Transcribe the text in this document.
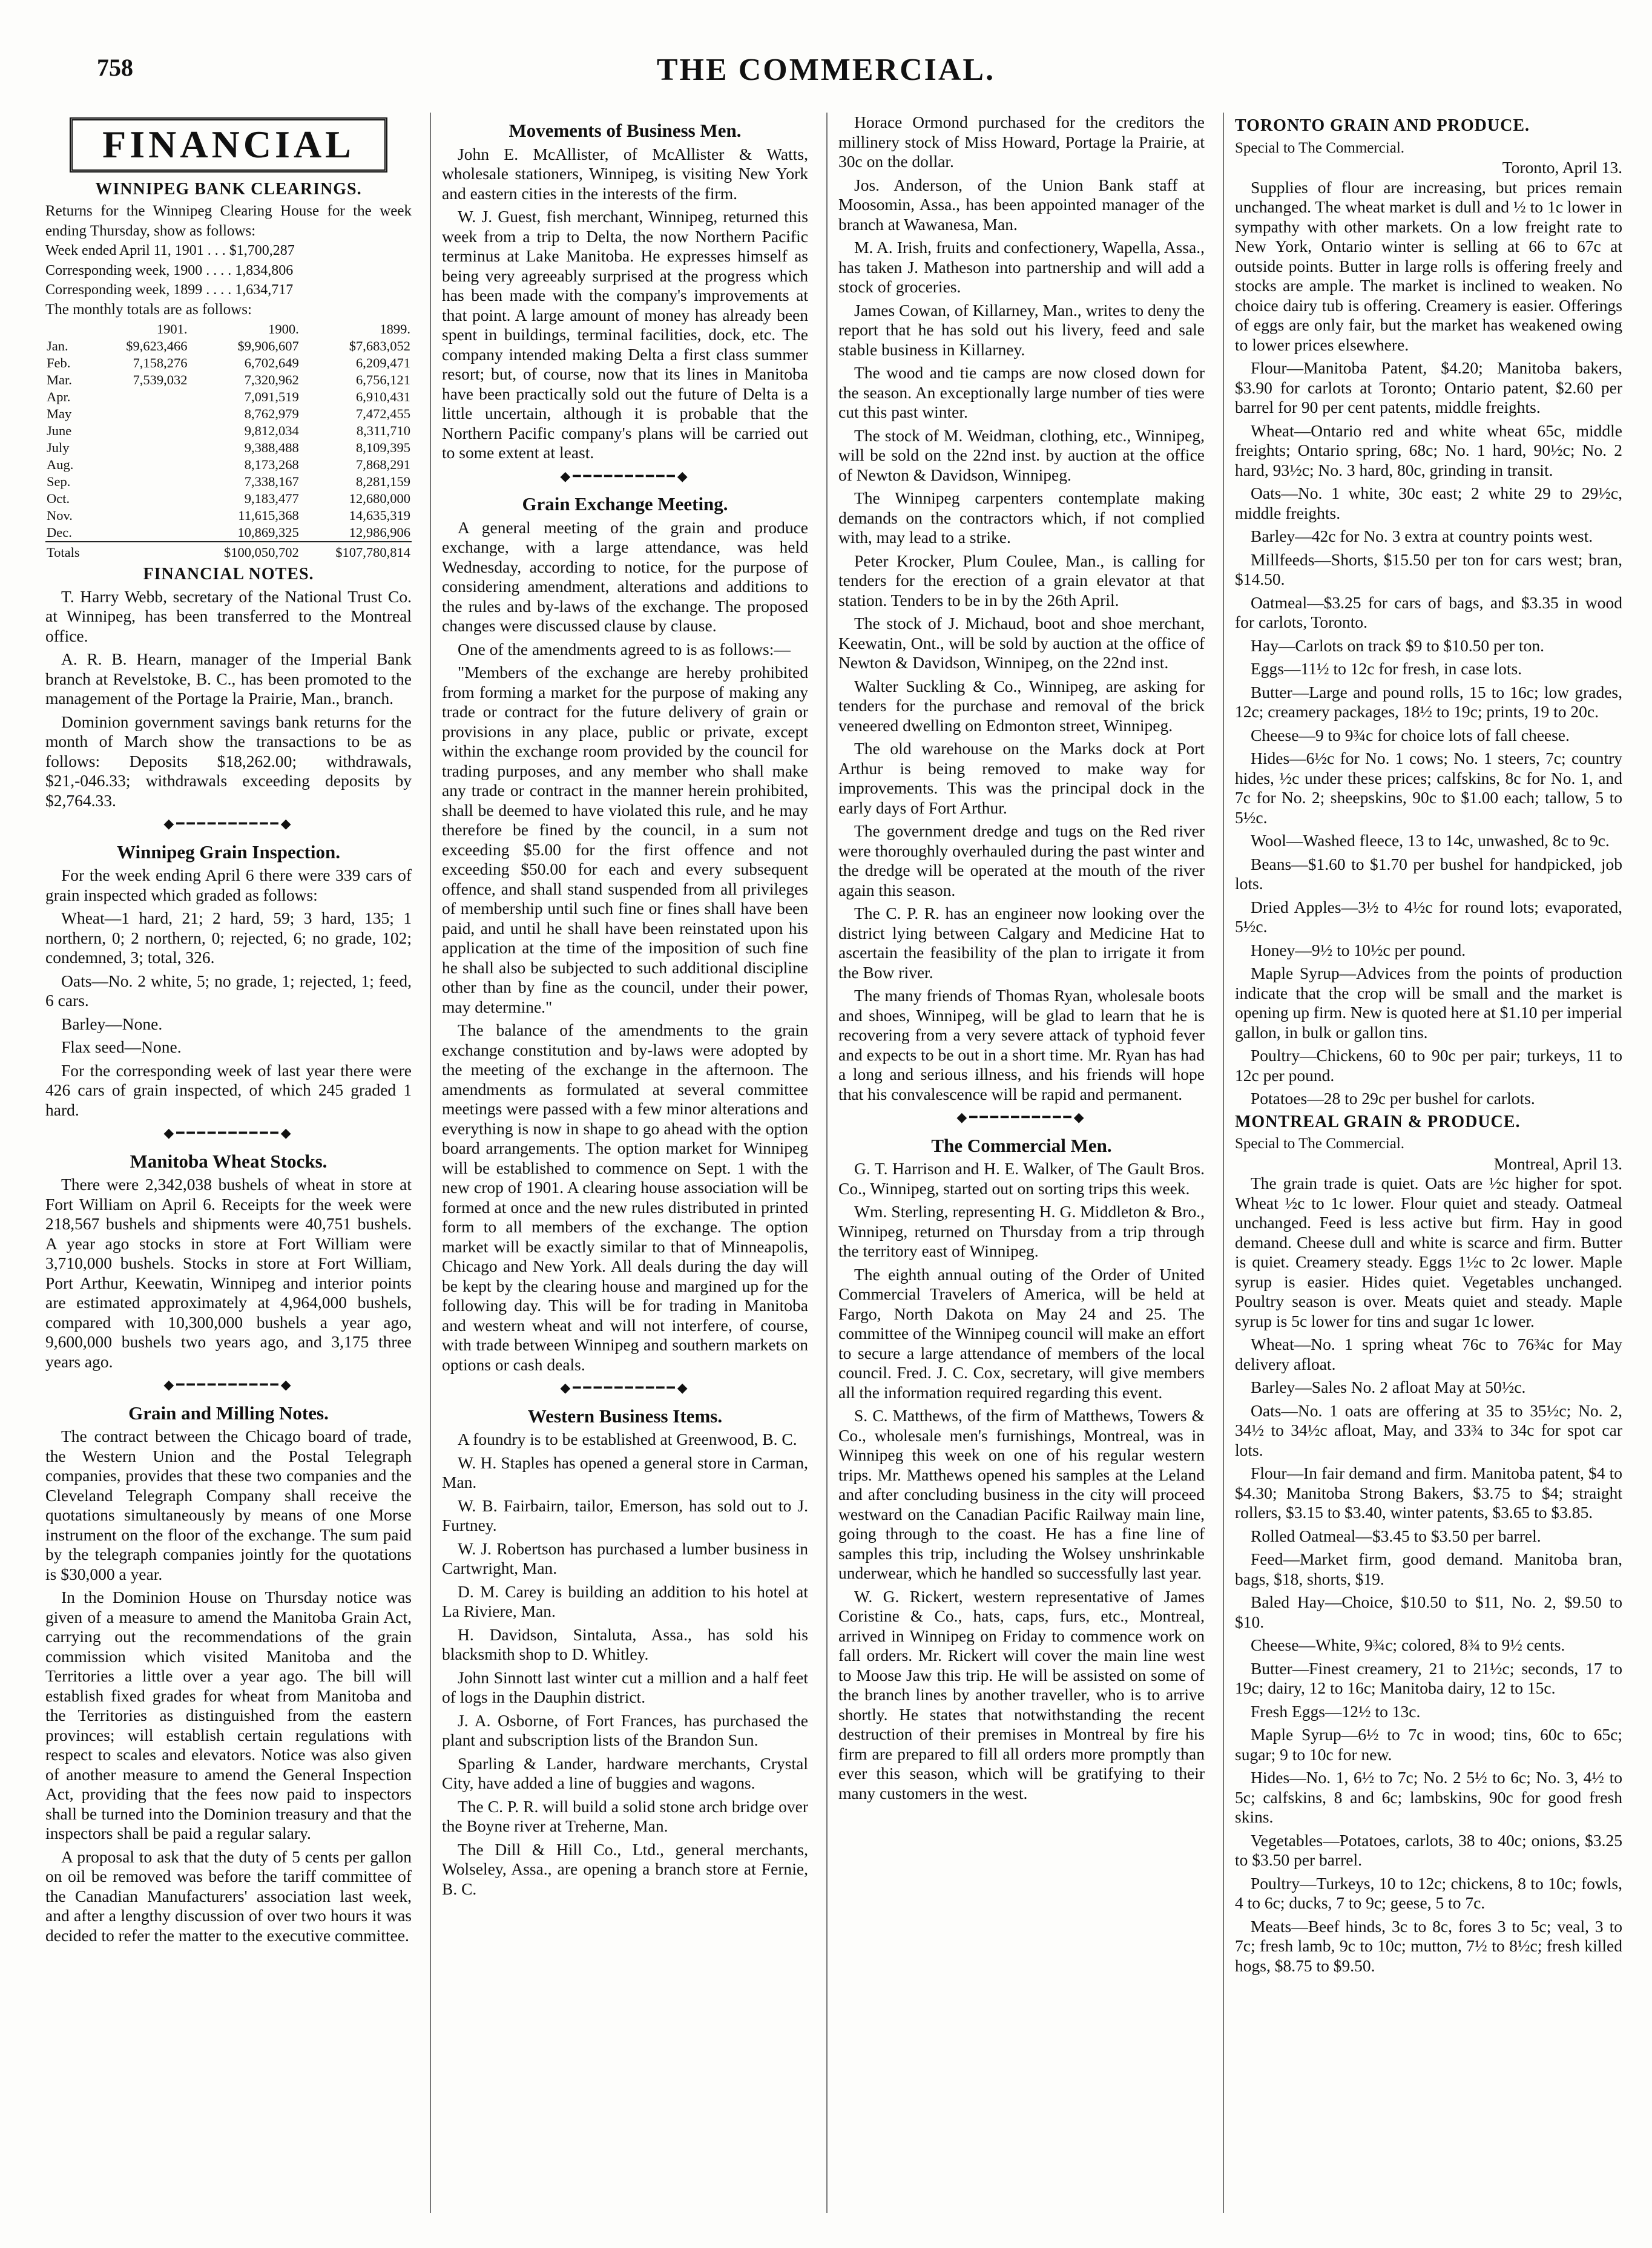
758	THE COMMERCIAL.
FINANCIAL
WINNIPEG BANK CLEARINGS.

Returns for the Winnipeg Clearing House for the week ending Thursday, show as follows:

Week ended April 11, 1901 . . . $1,700,287

Corresponding week, 1900 . . . . 1,834,806

Corresponding week, 1899 . . . . 1,634,717

The monthly totals are as follows:

	1901.	1900.	1899.
Jan.	$9,623,466	$9,906,607	$7,683,052
Feb.	7,158,276	6,702,649	6,209,471
Mar.	7,539,032	7,320,962	6,756,121
Apr.		7,091,519	6,910,431
May		8,762,979	7,472,455
June		9,812,034	8,311,710
July		9,388,488	8,109,395
Aug.		8,173,268	7,868,291
Sep.		7,338,167	8,281,159
Oct.		9,183,477	12,680,000
Nov.		11,615,368	14,635,319
Dec.		10,869,325	12,986,906
Totals		$100,050,702	$107,780,814
FINANCIAL NOTES.

T. Harry Webb, secretary of the National Trust Co. at Winnipeg, has been transferred to the Montreal office.

A. R. B. Hearn, manager of the Imperial Bank branch at Revelstoke, B. C., has been promoted to the management of the Portage la Prairie, Man., branch.

Dominion government savings bank returns for the month of March show the transactions to be as follows: Deposits $18,262.00; withdrawals, $21,-046.33; withdrawals exceeding deposits by $2,764.33.

◆━━━━━━━━━━◆
Winnipeg Grain Inspection.

For the week ending April 6 there were 339 cars of grain inspected which graded as follows:

Wheat—1 hard, 21; 2 hard, 59; 3 hard, 135; 1 northern, 0; 2 northern, 0; rejected, 6; no grade, 102; condemned, 3; total, 326.

Oats—No. 2 white, 5; no grade, 1; rejected, 1; feed, 6 cars.

Barley—None.

Flax seed—None.

For the corresponding week of last year there were 426 cars of grain inspected, of which 245 graded 1 hard.

◆━━━━━━━━━━◆
Manitoba Wheat Stocks.

There were 2,342,038 bushels of wheat in store at Fort William on April 6. Receipts for the week were 218,567 bushels and shipments were 40,751 bushels. A year ago stocks in store at Fort William were 3,710,000 bushels. Stocks in store at Fort William, Port Arthur, Keewatin, Winnipeg and interior points are estimated approximately at 4,964,000 bushels, compared with 10,300,000 bushels a year ago, 9,600,000 bushels two years ago, and 3,175 three years ago.

◆━━━━━━━━━━◆
Grain and Milling Notes.

The contract between the Chicago board of trade, the Western Union and the Postal Telegraph companies, provides that these two companies and the Cleveland Telegraph Company shall receive the quotations simultaneously by means of one Morse instrument on the floor of the exchange. The sum paid by the telegraph companies jointly for the quotations is $30,000 a year.

In the Dominion House on Thursday notice was given of a measure to amend the Manitoba Grain Act, carrying out the recommendations of the grain commission which visited Manitoba and the Territories a little over a year ago. The bill will establish fixed grades for wheat from Manitoba and the Territories as distinguished from the eastern provinces; will establish certain regulations with respect to scales and elevators. Notice was also given of another measure to amend the General Inspection Act, providing that the fees now paid to inspectors shall be turned into the Dominion treasury and that the inspectors shall be paid a regular salary.

A proposal to ask that the duty of 5 cents per gallon on oil be removed was before the tariff committee of the Canadian Manufacturers' association last week, and after a lengthy discussion of over two hours it was decided to refer the matter to the executive committee.

Movements of Business Men.

John E. McAllister, of McAllister & Watts, wholesale stationers, Winnipeg, is visiting New York and eastern cities in the interests of the firm.

W. J. Guest, fish merchant, Winnipeg, returned this week from a trip to Delta, the now Northern Pacific terminus at Lake Manitoba. He expresses himself as being very agreeably surprised at the progress which has been made with the company's improvements at that point. A large amount of money has already been spent in buildings, terminal facilities, dock, etc. The company intended making Delta a first class summer resort; but, of course, now that its lines in Manitoba have been practically sold out the future of Delta is a little uncertain, although it is probable that the Northern Pacific company's plans will be carried out to some extent at least.

◆━━━━━━━━━━◆
Grain Exchange Meeting.

A general meeting of the grain and produce exchange, with a large attendance, was held Wednesday, according to notice, for the purpose of considering amendment, alterations and additions to the rules and by-laws of the exchange. The proposed changes were discussed clause by clause.

One of the amendments agreed to is as follows:—

"Members of the exchange are hereby prohibited from forming a market for the purpose of making any trade or contract for the future delivery of grain or provisions in any place, public or private, except within the exchange room provided by the council for trading purposes, and any member who shall make any trade or contract in the manner herein prohibited, shall be deemed to have violated this rule, and he may therefore be fined by the council, in a sum not exceeding $5.00 for the first offence and not exceeding $50.00 for each and every subsequent offence, and shall stand suspended from all privileges of membership until such fine or fines shall have been paid, and until he shall have been reinstated upon his application at the time of the imposition of such fine he shall also be subjected to such additional discipline other than by fine as the council, under their power, may determine."

The balance of the amendments to the grain exchange constitution and by-laws were adopted by the meeting of the exchange in the afternoon. The amendments as formulated at several committee meetings were passed with a few minor alterations and everything is now in shape to go ahead with the option board arrangements. The option market for Winnipeg will be established to commence on Sept. 1 with the new crop of 1901. A clearing house association will be formed at once and the new rules distributed in printed form to all members of the exchange. The option market will be exactly similar to that of Minneapolis, Chicago and New York. All deals during the day will be kept by the clearing house and margined up for the following day. This will be for trading in Manitoba and western wheat and will not interfere, of course, with trade between Winnipeg and southern markets on options or cash deals.

◆━━━━━━━━━━◆
Western Business Items.

A foundry is to be established at Greenwood, B. C.

W. H. Staples has opened a general store in Carman, Man.

W. B. Fairbairn, tailor, Emerson, has sold out to J. Furtney.

W. J. Robertson has purchased a lumber business in Cartwright, Man.

D. M. Carey is building an addition to his hotel at La Riviere, Man.

H. Davidson, Sintaluta, Assa., has sold his blacksmith shop to D. Whitley.

John Sinnott last winter cut a million and a half feet of logs in the Dauphin district.

J. A. Osborne, of Fort Frances, has purchased the plant and subscription lists of the Brandon Sun.

Sparling & Lander, hardware merchants, Crystal City, have added a line of buggies and wagons.

The C. P. R. will build a solid stone arch bridge over the Boyne river at Treherne, Man.

The Dill & Hill Co., Ltd., general merchants, Wolseley, Assa., are opening a branch store at Fernie, B. C.

Horace Ormond purchased for the creditors the millinery stock of Miss Howard, Portage la Prairie, at 30c on the dollar.

Jos. Anderson, of the Union Bank staff at Moosomin, Assa., has been appointed manager of the branch at Wawanesa, Man.

M. A. Irish, fruits and confectionery, Wapella, Assa., has taken J. Matheson into partnership and will add a stock of groceries.

James Cowan, of Killarney, Man., writes to deny the report that he has sold out his livery, feed and sale stable business in Killarney.

The wood and tie camps are now closed down for the season. An exceptionally large number of ties were cut this past winter.

The stock of M. Weidman, clothing, etc., Winnipeg, will be sold on the 22nd inst. by auction at the office of Newton & Davidson, Winnipeg.

The Winnipeg carpenters contemplate making demands on the contractors which, if not complied with, may lead to a strike.

Peter Krocker, Plum Coulee, Man., is calling for tenders for the erection of a grain elevator at that station. Tenders to be in by the 26th April.

The stock of J. Michaud, boot and shoe merchant, Keewatin, Ont., will be sold by auction at the office of Newton & Davidson, Winnipeg, on the 22nd inst.

Walter Suckling & Co., Winnipeg, are asking for tenders for the purchase and removal of the brick veneered dwelling on Edmonton street, Winnipeg.

The old warehouse on the Marks dock at Port Arthur is being removed to make way for improvements. This was the principal dock in the early days of Fort Arthur.

The government dredge and tugs on the Red river were thoroughly overhauled during the past winter and the dredge will be operated at the mouth of the river again this season.

The C. P. R. has an engineer now looking over the district lying between Calgary and Medicine Hat to ascertain the feasibility of the plan to irrigate it from the Bow river.

The many friends of Thomas Ryan, wholesale boots and shoes, Winnipeg, will be glad to learn that he is recovering from a very severe attack of typhoid fever and expects to be out in a short time. Mr. Ryan has had a long and serious illness, and his friends will hope that his convalescence will be rapid and permanent.

◆━━━━━━━━━━◆
The Commercial Men.

G. T. Harrison and H. E. Walker, of The Gault Bros. Co., Winnipeg, started out on sorting trips this week.

Wm. Sterling, representing H. G. Middleton & Bro., Winnipeg, returned on Thursday from a trip through the territory east of Winnipeg.

The eighth annual outing of the Order of United Commercial Travelers of America, will be held at Fargo, North Dakota on May 24 and 25. The committee of the Winnipeg council will make an effort to secure a large attendance of members of the local council. Fred. J. C. Cox, secretary, will give members all the information required regarding this event.

S. C. Matthews, of the firm of Matthews, Towers & Co., wholesale men's furnishings, Montreal, was in Winnipeg this week on one of his regular western trips. Mr. Matthews opened his samples at the Leland and after concluding business in the city will proceed westward on the Canadian Pacific Railway main line, going through to the coast. He has a fine line of samples this trip, including the Wolsey unshrinkable underwear, which he handled so successfully last year.

W. G. Rickert, western representative of James Coristine & Co., hats, caps, furs, etc., Montreal, arrived in Winnipeg on Friday to commence work on fall orders. Mr. Rickert will cover the main line west to Moose Jaw this trip. He will be assisted on some of the branch lines by another traveller, who is to arrive shortly. He states that notwithstanding the recent destruction of their premises in Montreal by fire his firm are prepared to fill all orders more promptly than ever this season, which will be gratifying to their many customers in the west.

TORONTO GRAIN AND PRODUCE.

Special to The Commercial.

Toronto, April 13.

Supplies of flour are increasing, but prices remain unchanged. The wheat market is dull and ½ to 1c lower in sympathy with other markets. On a low freight rate to New York, Ontario winter is selling at 66 to 67c at outside points. Butter in large rolls is offering freely and stocks are ample. The market is inclined to weaken. No choice dairy tub is offering. Creamery is easier. Offerings of eggs are only fair, but the market has weakened owing to lower prices elsewhere.

Flour—Manitoba Patent, $4.20; Manitoba bakers, $3.90 for carlots at Toronto; Ontario patent, $2.60 per barrel for 90 per cent patents, middle freights.

Wheat—Ontario red and white wheat 65c, middle freights; Ontario spring, 68c; No. 1 hard, 90½c; No. 2 hard, 93½c; No. 3 hard, 80c, grinding in transit.

Oats—No. 1 white, 30c east; 2 white 29 to 29½c, middle freights.

Barley—42c for No. 3 extra at country points west.

Millfeeds—Shorts, $15.50 per ton for cars west; bran, $14.50.

Oatmeal—$3.25 for cars of bags, and $3.35 in wood for carlots, Toronto.

Hay—Carlots on track $9 to $10.50 per ton.

Eggs—11½ to 12c for fresh, in case lots.

Butter—Large and pound rolls, 15 to 16c; low grades, 12c; creamery packages, 18½ to 19c; prints, 19 to 20c.

Cheese—9 to 9¾c for choice lots of fall cheese.

Hides—6½c for No. 1 cows; No. 1 steers, 7c; country hides, ½c under these prices; calfskins, 8c for No. 1, and 7c for No. 2; sheepskins, 90c to $1.00 each; tallow, 5 to 5½c.

Wool—Washed fleece, 13 to 14c, unwashed, 8c to 9c.

Beans—$1.60 to $1.70 per bushel for handpicked, job lots.

Dried Apples—3½ to 4½c for round lots; evaporated, 5½c.

Honey—9½ to 10½c per pound.

Maple Syrup—Advices from the points of production indicate that the crop will be small and the market is opening up firm. New is quoted here at $1.10 per imperial gallon, in bulk or gallon tins.

Poultry—Chickens, 60 to 90c per pair; turkeys, 11 to 12c per pound.

Potatoes—28 to 29c per bushel for carlots.

MONTREAL GRAIN & PRODUCE.

Special to The Commercial.

Montreal, April 13.

The grain trade is quiet. Oats are ½c higher for spot. Wheat ½c to 1c lower. Flour quiet and steady. Oatmeal unchanged. Feed is less active but firm. Hay in good demand. Cheese dull and white is scarce and firm. Butter is quiet. Creamery steady. Eggs 1½c to 2c lower. Maple syrup is easier. Hides quiet. Vegetables unchanged. Poultry season is over. Meats quiet and steady. Maple syrup is 5c lower for tins and sugar 1c lower.

Wheat—No. 1 spring wheat 76c to 76¾c for May delivery afloat.

Barley—Sales No. 2 afloat May at 50½c.

Oats—No. 1 oats are offering at 35 to 35½c; No. 2, 34½ to 34½c afloat, May, and 33¾ to 34c for spot car lots.

Flour—In fair demand and firm. Manitoba patent, $4 to $4.30; Manitoba Strong Bakers, $3.75 to $4; straight rollers, $3.15 to $3.40, winter patents, $3.65 to $3.85.

Rolled Oatmeal—$3.45 to $3.50 per barrel.

Feed—Market firm, good demand. Manitoba bran, bags, $18, shorts, $19.

Baled Hay—Choice, $10.50 to $11, No. 2, $9.50 to $10.

Cheese—White, 9¾c; colored, 8¾ to 9½ cents.

Butter—Finest creamery, 21 to 21½c; seconds, 17 to 19c; dairy, 12 to 16c; Manitoba dairy, 12 to 15c.

Fresh Eggs—12½ to 13c.

Maple Syrup—6½ to 7c in wood; tins, 60c to 65c; sugar; 9 to 10c for new.

Hides—No. 1, 6½ to 7c; No. 2 5½ to 6c; No. 3, 4½ to 5c; calfskins, 8 and 6c; lambskins, 90c for good fresh skins.

Vegetables—Potatoes, carlots, 38 to 40c; onions, $3.25 to $3.50 per barrel.

Poultry—Turkeys, 10 to 12c; chickens, 8 to 10c; fowls, 4 to 6c; ducks, 7 to 9c; geese, 5 to 7c.

Meats—Beef hinds, 3c to 8c, fores 3 to 5c; veal, 3 to 7c; fresh lamb, 9c to 10c; mutton, 7½ to 8½c; fresh killed hogs, $8.75 to $9.50.
